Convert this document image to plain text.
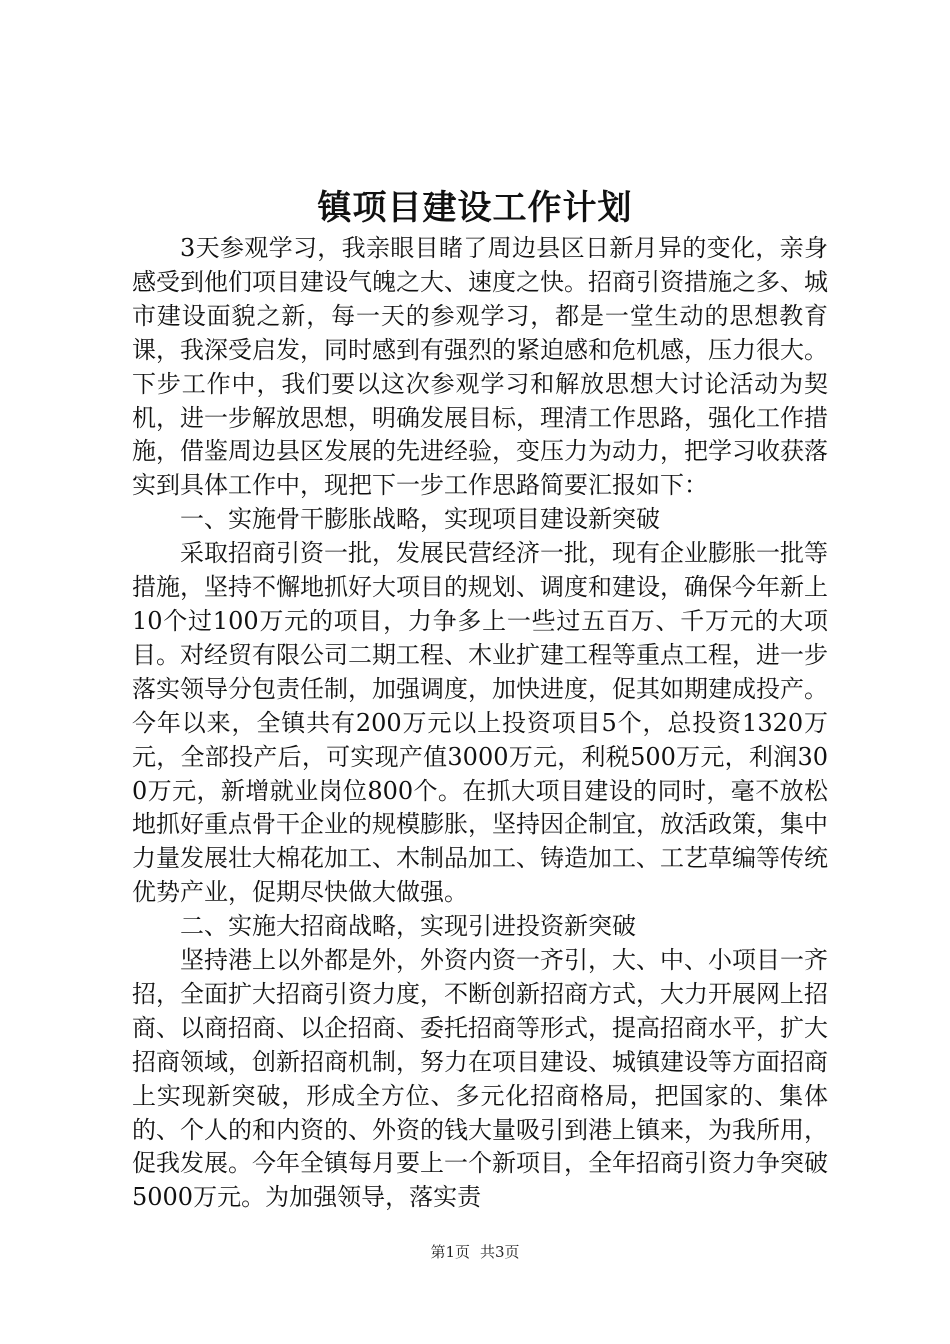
镇项目建设工作计划

3天参观学习，我亲眼目睹了周边县区日新月异的变化，亲身感受到他们项目建设气魄之大、速度之快。招商引资措施之多、城市建设面貌之新，每一天的参观学习，都是一堂生动的思想教育课，我深受启发，同时感到有强烈的紧迫感和危机感，压力很大。下步工作中，我们要以这次参观学习和解放思想大讨论活动为契机，进一步解放思想，明确发展目标，理清工作思路，强化工作措施，借鉴周边县区发展的先进经验，变压力为动力，把学习收获落实到具体工作中，现把下一步工作思路简要汇报如下：

一、实施骨干膨胀战略，实现项目建设新突破

采取招商引资一批，发展民营经济一批，现有企业膨胀一批等措施，坚持不懈地抓好大项目的规划、调度和建设，确保今年新上10个过100万元的项目，力争多上一些过五百万、千万元的大项目。对经贸有限公司二期工程、木业扩建工程等重点工程，进一步落实领导分包责任制，加强调度，加快进度，促其如期建成投产。今年以来，全镇共有200万元以上投资项目5个，总投资1320万元，全部投产后，可实现产值3000万元，利税500万元，利润300万元，新增就业岗位800个。在抓大项目建设的同时，毫不放松地抓好重点骨干企业的规模膨胀，坚持因企制宜，放活政策，集中力量发展壮大棉花加工、木制品加工、铸造加工、工艺草编等传统优势产业，促期尽快做大做强。

二、实施大招商战略，实现引进投资新突破

坚持港上以外都是外，外资内资一齐引，大、中、小项目一齐招，全面扩大招商引资力度，不断创新招商方式，大力开展网上招商、以商招商、以企招商、委托招商等形式，提高招商水平，扩大招商领域，创新招商机制，努力在项目建设、城镇建设等方面招商上实现新突破，形成全方位、多元化招商格局，把国家的、集体的、个人的和内资的、外资的钱大量吸引到港上镇来，为我所用，促我发展。今年全镇每月要上一个新项目，全年招商引资力争突破5000万元。为加强领导，落实责

第1页 共3页
